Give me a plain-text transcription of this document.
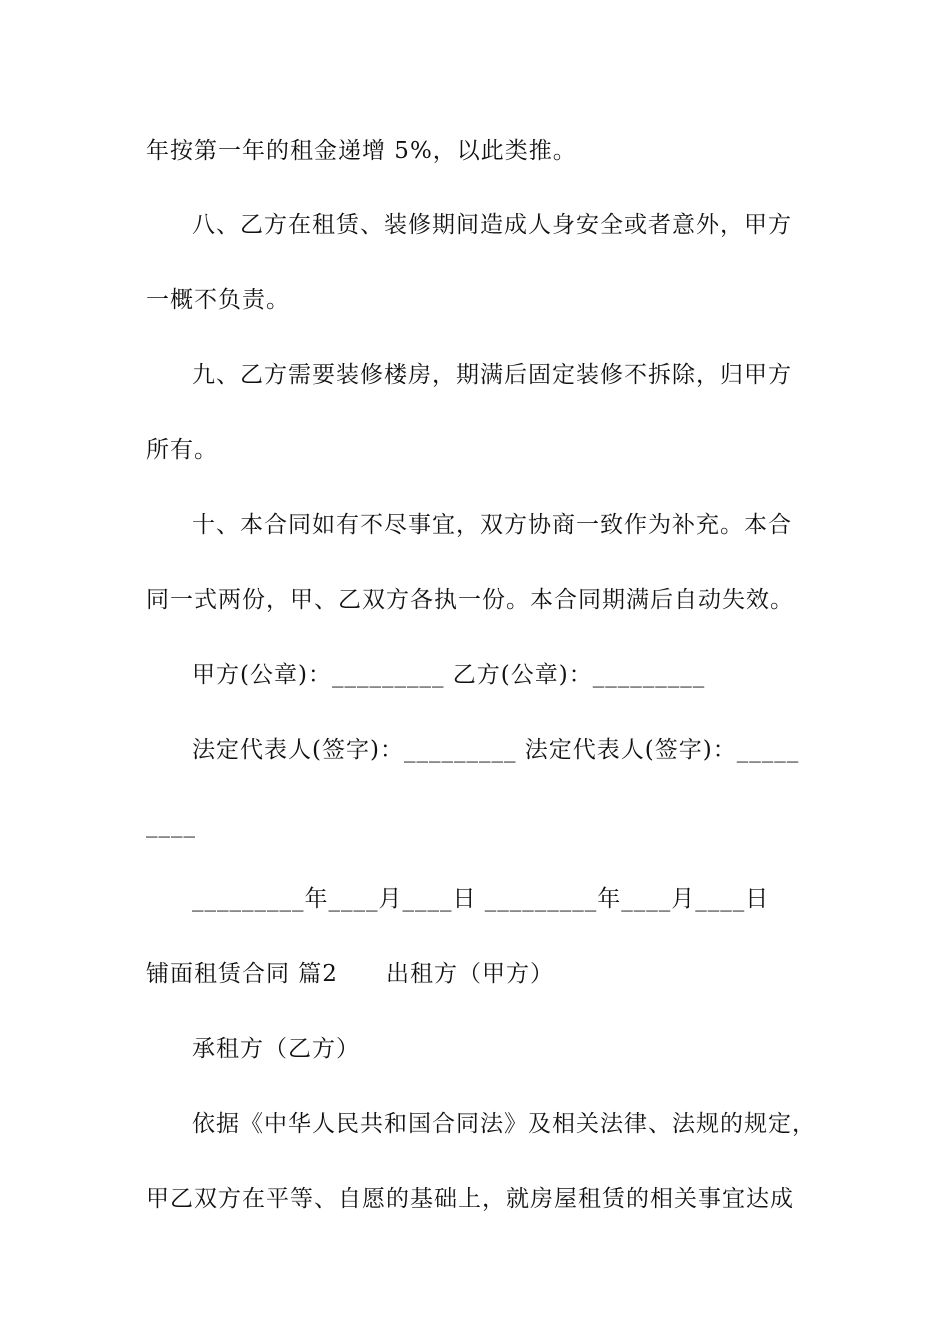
年按第一年的租金递增 5%，以此类推。
八、乙方在租赁、装修期间造成人身安全或者意外，甲方
一概不负责。
九、乙方需要装修楼房，期满后固定装修不拆除，归甲方
所有。
十、本合同如有不尽事宜，双方协商一致作为补充。本合
同一式两份，甲、乙双方各执一份。本合同期满后自动失效。
甲方(公章)：_________ 乙方(公章)：_________
法定代表人(签字)：_________ 法定代表人(签字)：_____
____
_________年____月____日 _________年____月____日
铺面租赁合同 篇2　　出租方（甲方）
承租方（乙方）
依据《中华人民共和国合同法》及相关法律、法规的规定，
甲乙双方在平等、自愿的基础上，就房屋租赁的相关事宜达成
